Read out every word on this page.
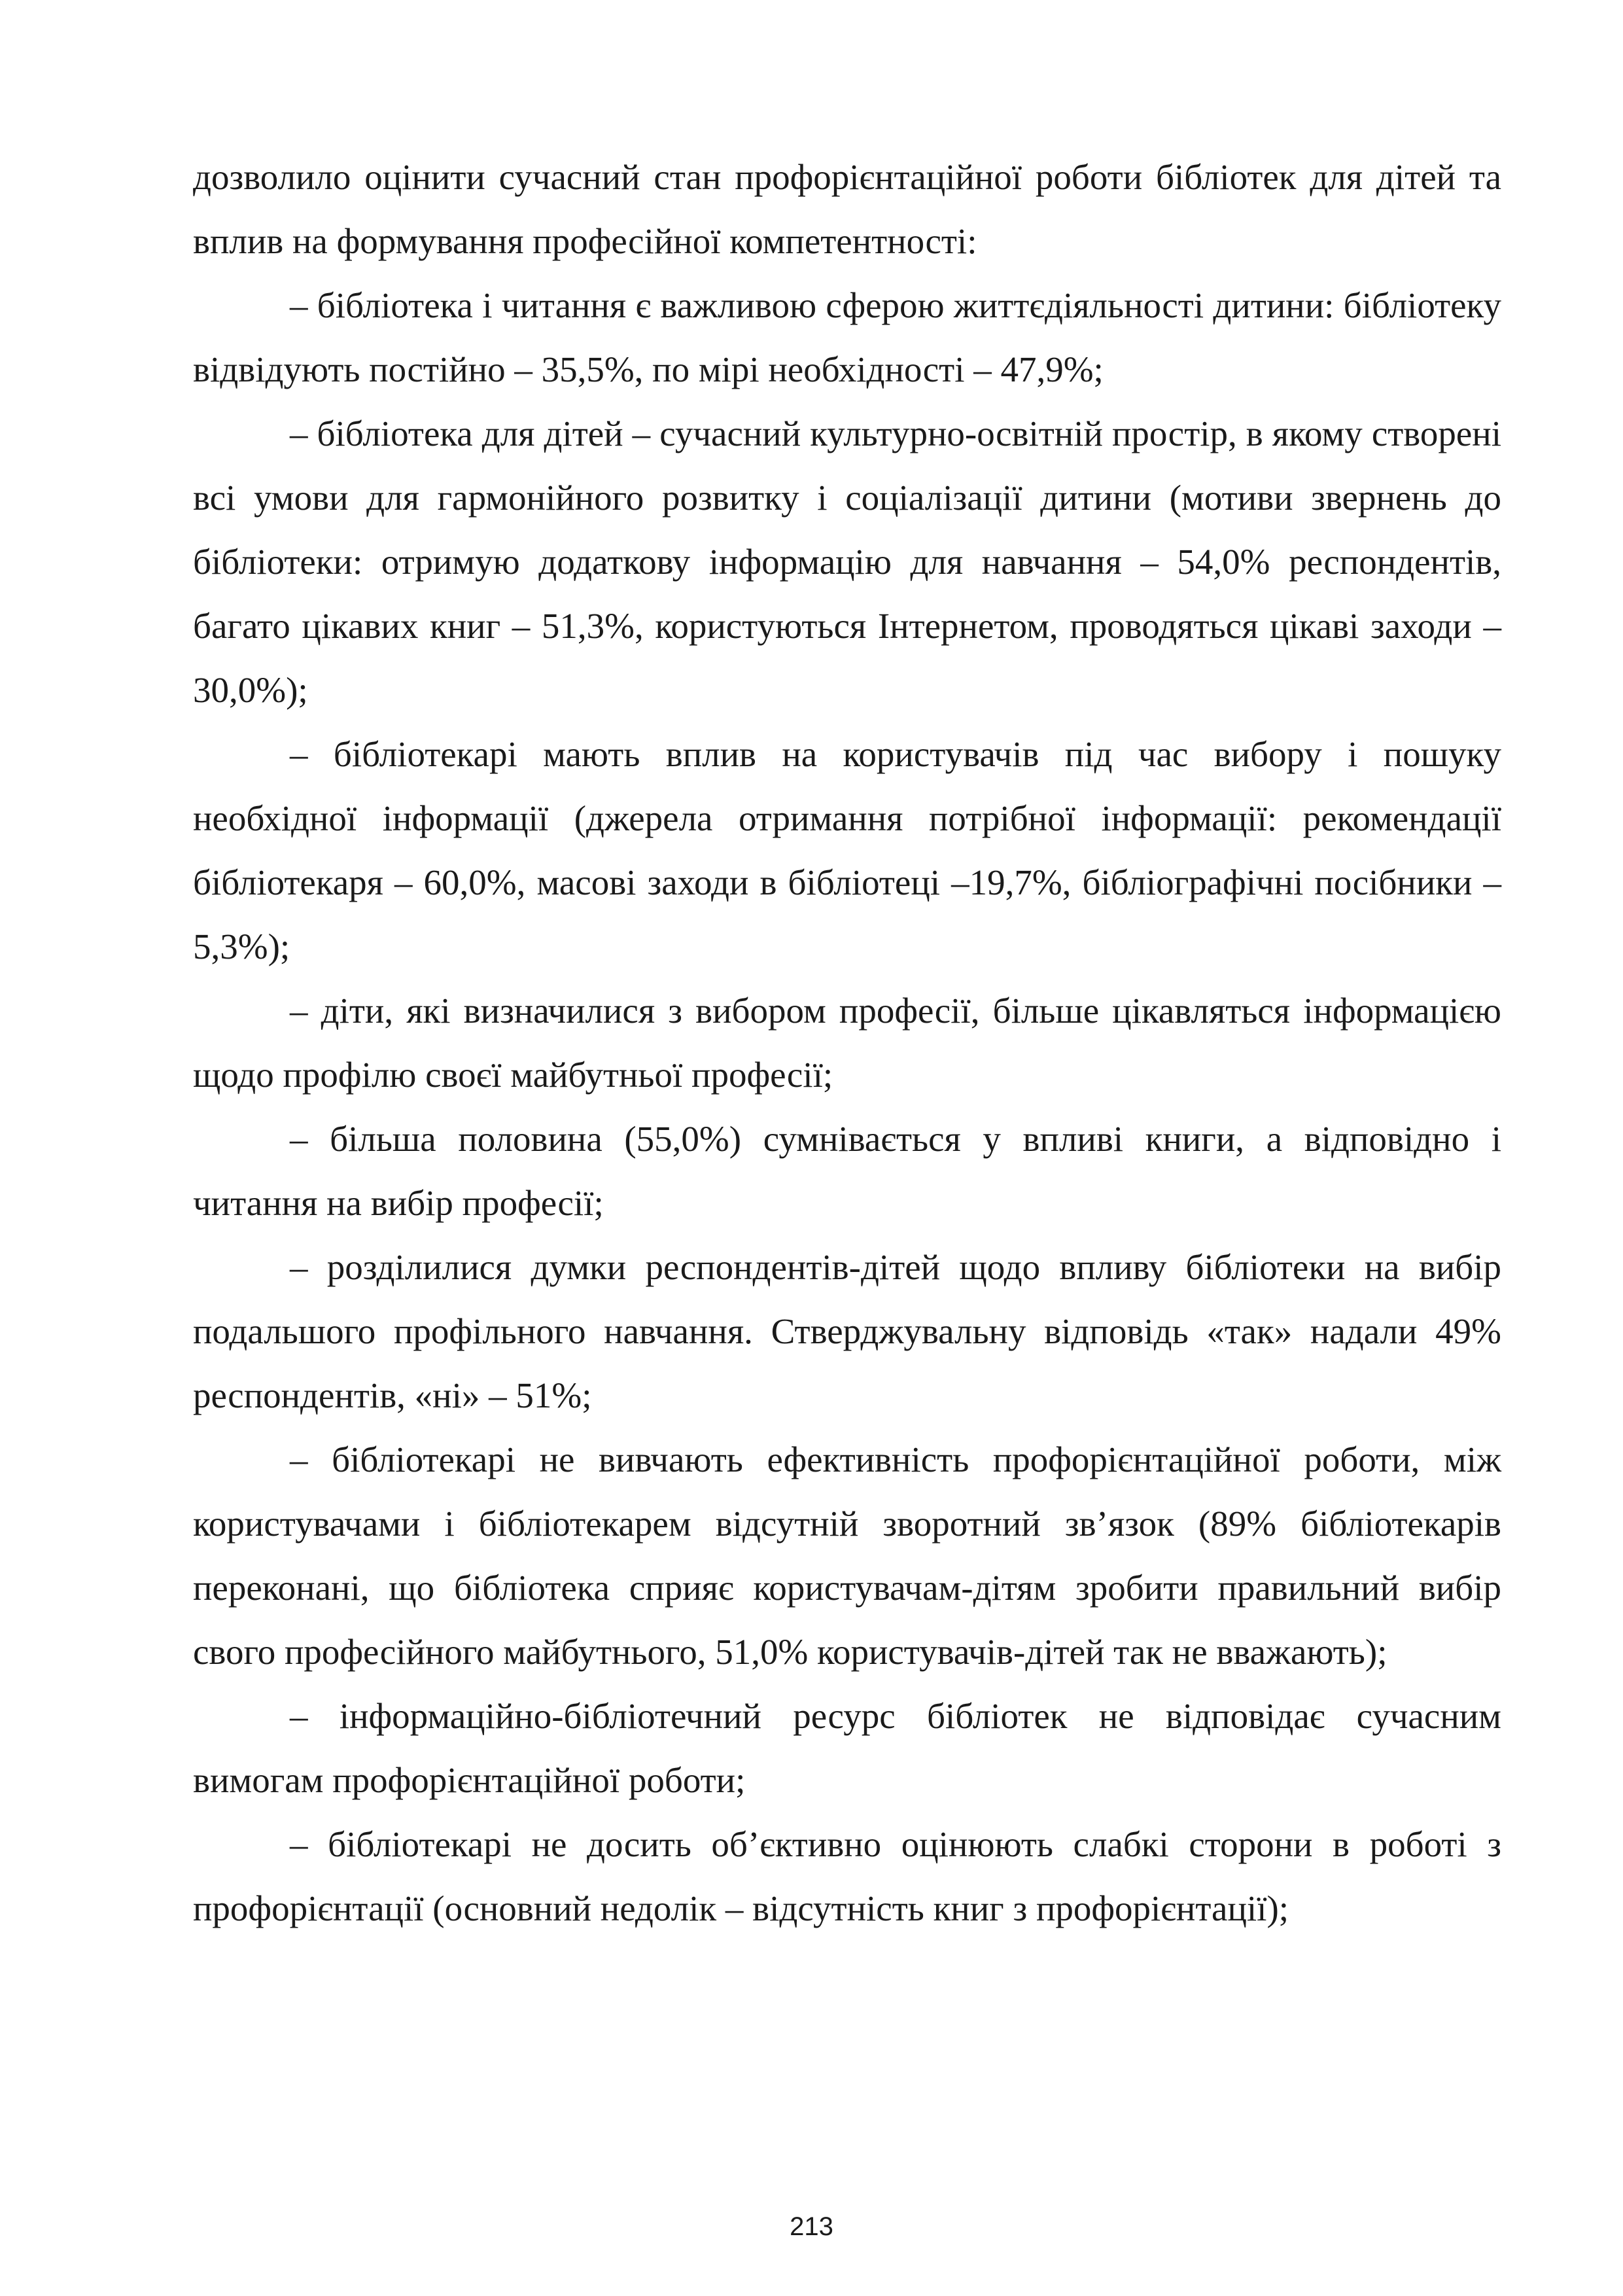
дозволило оцінити сучасний стан профорієнтаційної роботи бібліотек для дітей та вплив на формування професійної компетентності:

– бібліотека і читання є важливою сферою життєдіяльності дитини: бібліотеку відвідують постійно – 35,5%, по мірі необхідності – 47,9%;

– бібліотека для дітей – сучасний культурно-освітній простір, в якому створені всі умови для гармонійного розвитку і соціалізації дитини (мотиви звернень до бібліотеки: отримую додаткову інформацію для навчання – 54,0% респондентів, багато цікавих книг – 51,3%, користуються Інтернетом, проводяться цікаві заходи – 30,0%);

– бібліотекарі мають вплив на користувачів під час вибору і пошуку необхідної інформації (джерела отримання потрібної інформації: рекомендації бібліотекаря – 60,0%, масові заходи в бібліотеці –19,7%, бібліографічні посібники – 5,3%);

– діти, які визначилися з вибором професії, більше цікавляться інформацією щодо профілю своєї майбутньої професії;

– більша половина (55,0%) сумнівається у впливі книги, а відповідно і читання на вибір професії;

– розділилися думки респондентів-дітей щодо впливу бібліотеки на вибір подальшого профільного навчання. Стверджувальну відповідь «так» надали 49% респондентів, «ні» – 51%;

– бібліотекарі не вивчають ефективність профорієнтаційної роботи, між користувачами і бібліотекарем відсутній зворотний зв’язок (89% бібліотекарів переконані, що бібліотека сприяє користувачам-дітям зробити правильний вибір свого професійного майбутнього, 51,0% користувачів-дітей так не вважають);

– інформаційно-бібліотечний ресурс бібліотек не відповідає сучасним вимогам профорієнтаційної роботи;

– бібліотекарі не досить об’єктивно оцінюють слабкі сторони в роботі з профорієнтації (основний недолік – відсутність книг з профорієнтації);

213
